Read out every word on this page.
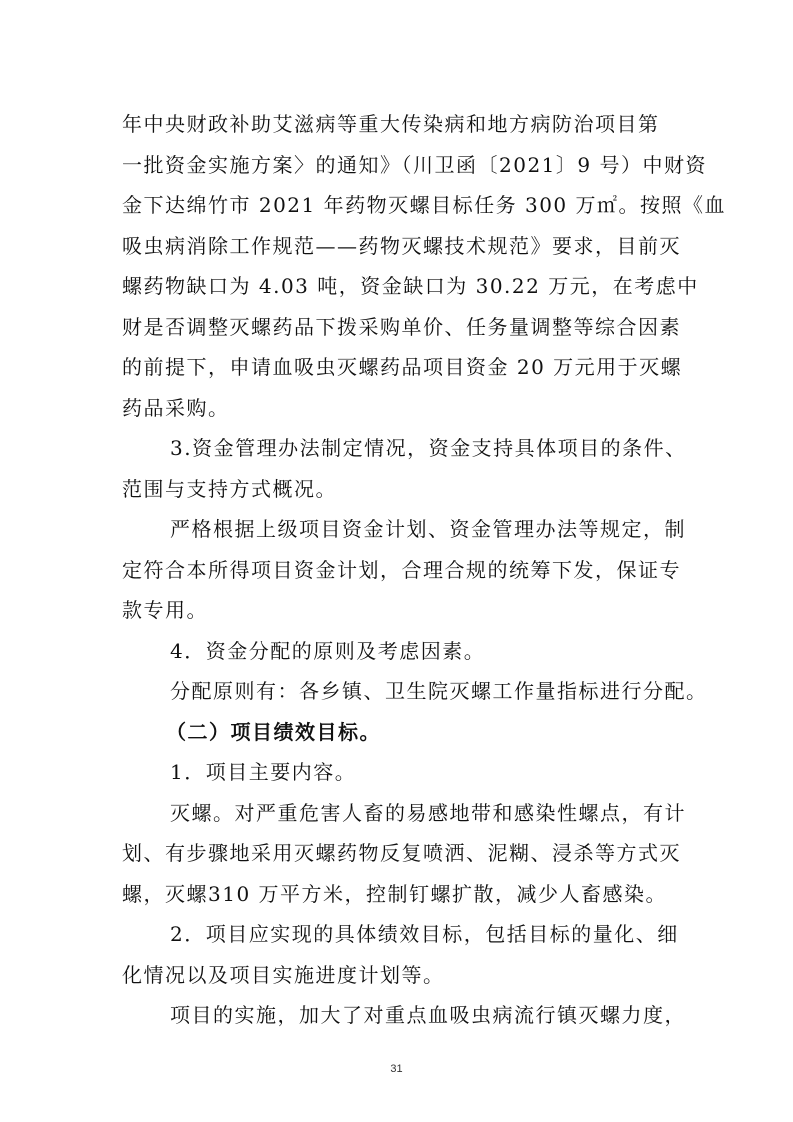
年中央财政补助艾滋病等重大传染病和地方病防治项目第
一批资金实施方案〉的通知》（川卫函〔2021〕9 号）中财资
金下达绵竹市 2021 年药物灭螺目标任务 300 万㎡。按照《血
吸虫病消除工作规范——药物灭螺技术规范》要求，目前灭
螺药物缺口为 4.03 吨，资金缺口为 30.22 万元，在考虑中
财是否调整灭螺药品下拨采购单价、任务量调整等综合因素
的前提下，申请血吸虫灭螺药品项目资金 20 万元用于灭螺
药品采购。
3.资金管理办法制定情况，资金支持具体项目的条件、
范围与支持方式概况。
严格根据上级项目资金计划、资金管理办法等规定，制
定符合本所得项目资金计划，合理合规的统筹下发，保证专
款专用。
4．资金分配的原则及考虑因素。
分配原则有：各乡镇、卫生院灭螺工作量指标进行分配。
（二）项目绩效目标。
1．项目主要内容。
灭螺。对严重危害人畜的易感地带和感染性螺点，有计
划、有步骤地采用灭螺药物反复喷洒、泥糊、浸杀等方式灭
螺，灭螺310 万平方米，控制钉螺扩散，减少人畜感染。
2．项目应实现的具体绩效目标，包括目标的量化、细
化情况以及项目实施进度计划等。
项目的实施，加大了对重点血吸虫病流行镇灭螺力度，
31
